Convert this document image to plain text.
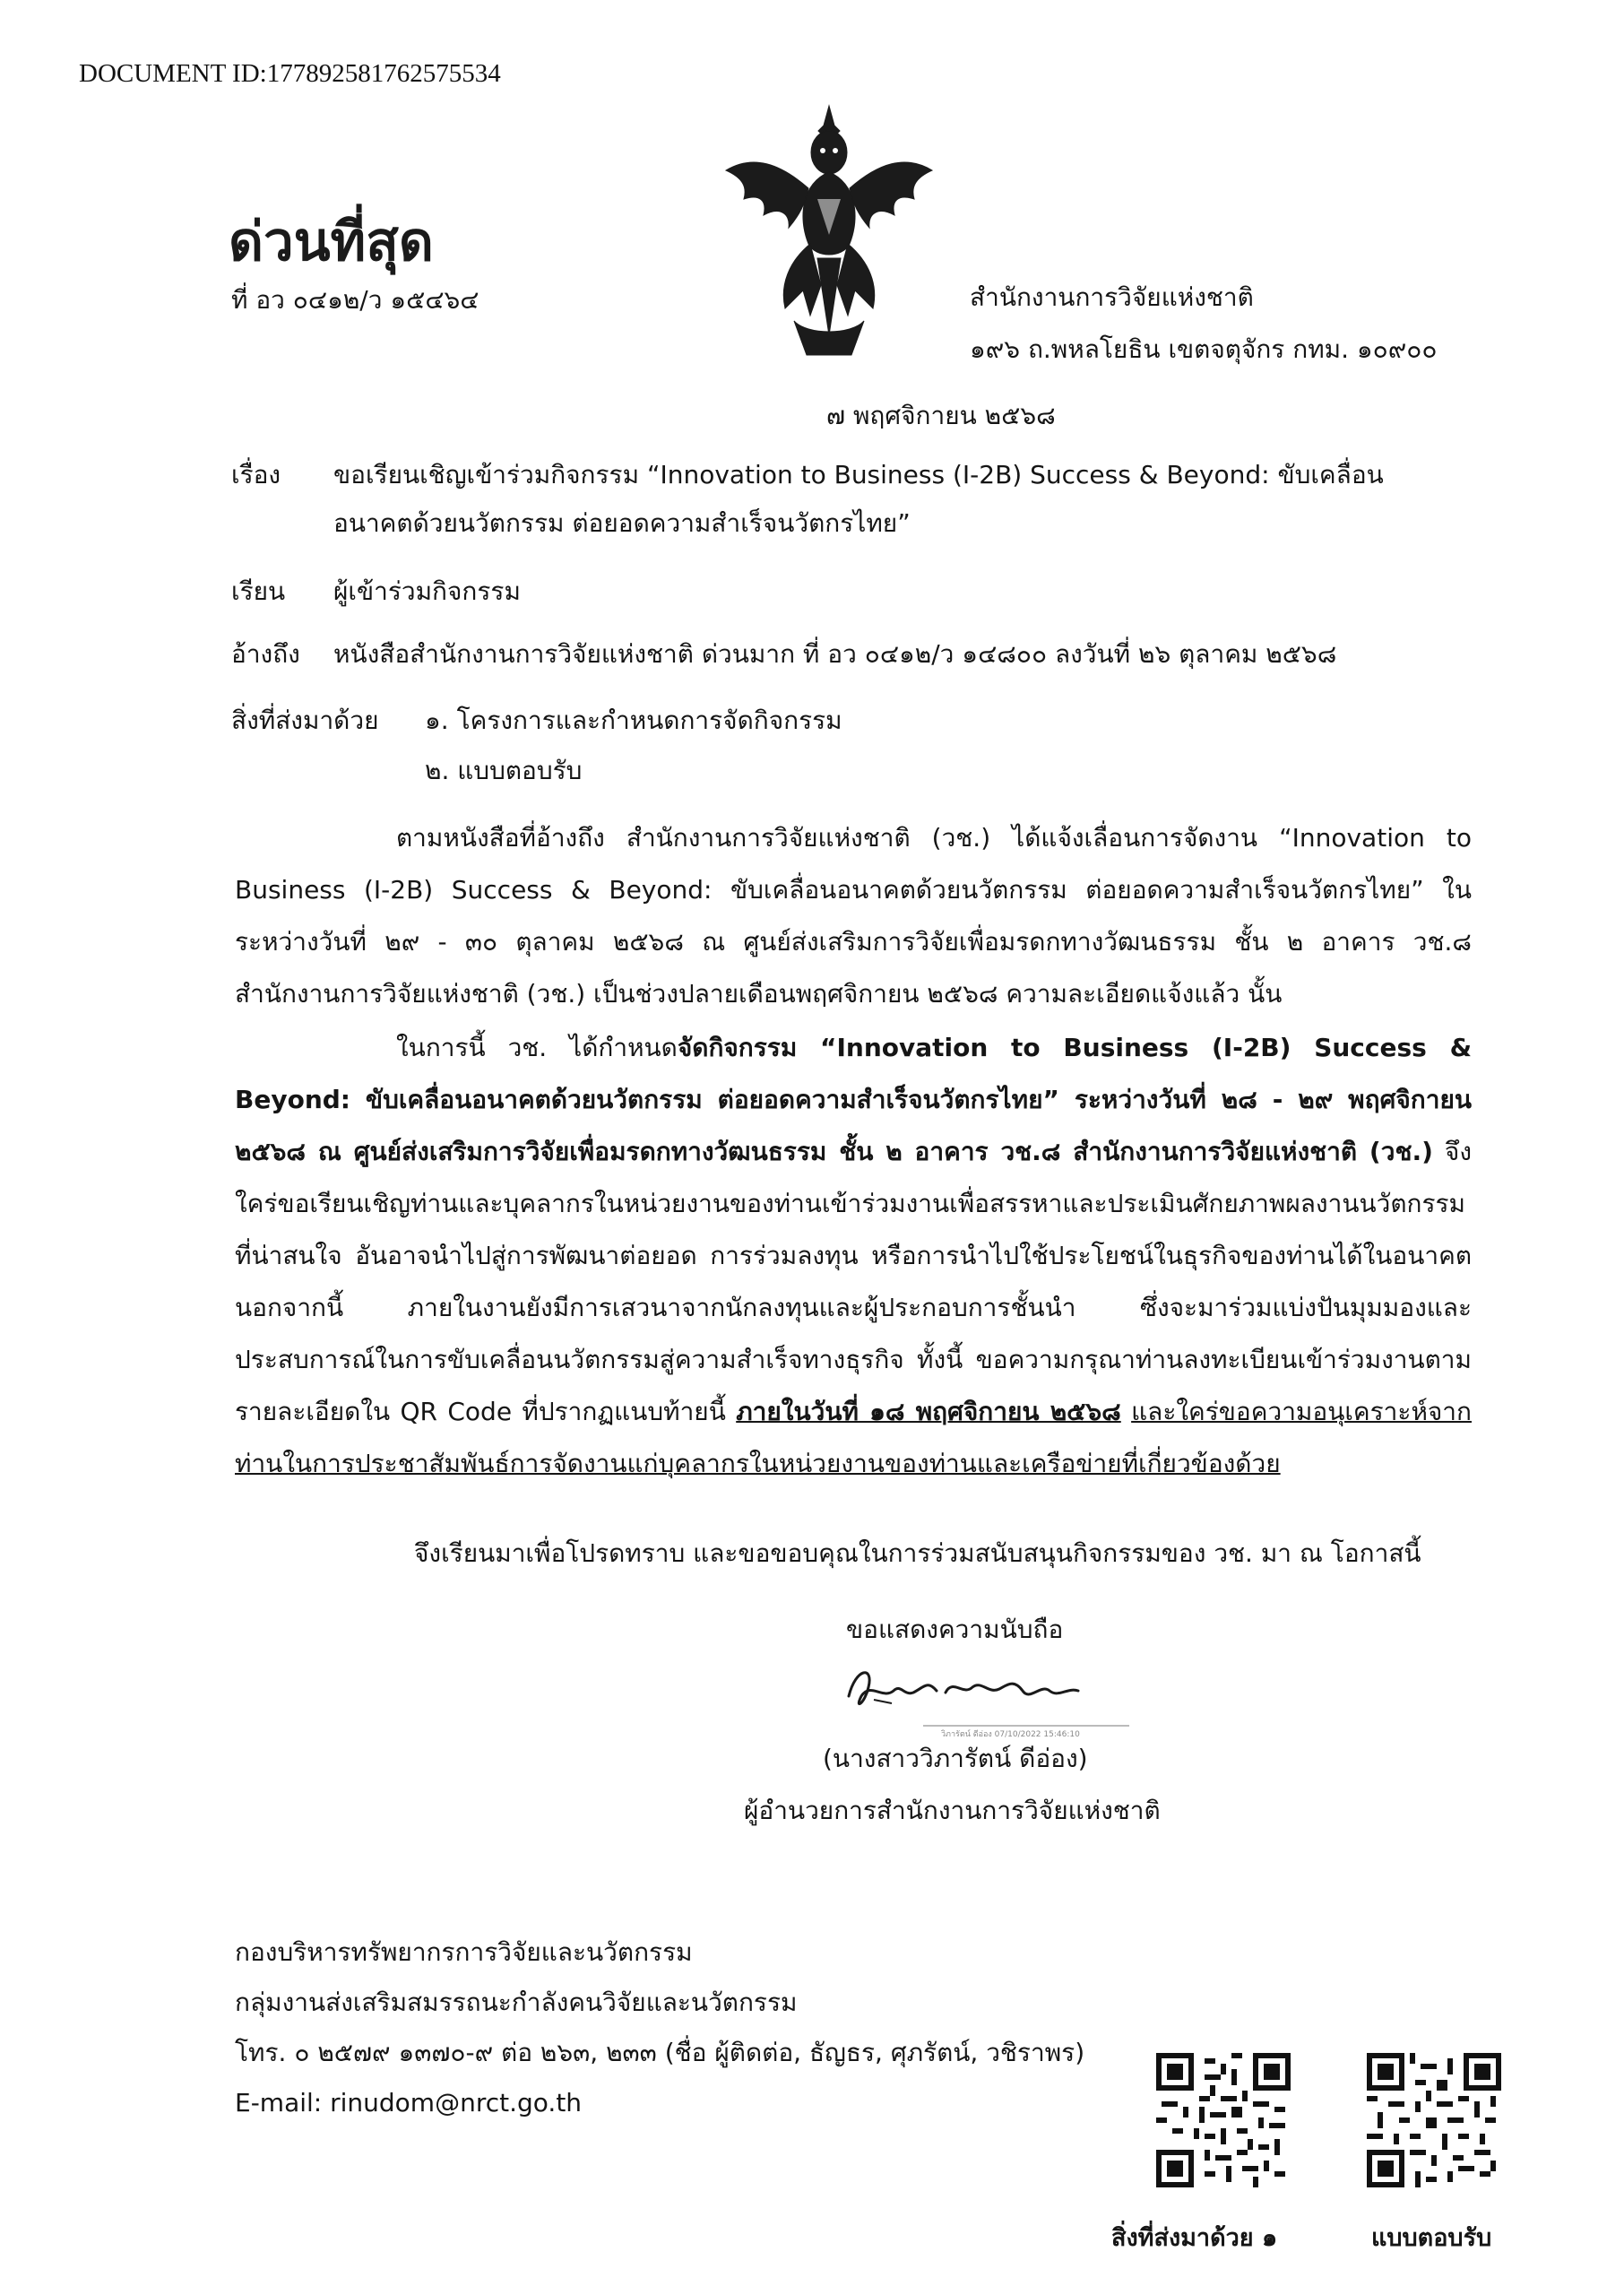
DOCUMENT ID:177892581762575534
ด่วนที่สุด
ที่ อว ๐๔๑๒/ว ๑๕๔๖๔	สำนักงานการวิจัยแห่งชาติ
๑๙๖ ถ.พหลโยธิน เขตจตุจักร กทม. ๑๐๙๐๐
๗ พฤศจิกายน ๒๕๖๘
เรื่อง ขอเรียนเชิญเข้าร่วมกิจกรรม “Innovation to Business (I-2B) Success & Beyond: ขับเคลื่อน
อนาคตด้วยนวัตกรรม ต่อยอดความสำเร็จนวัตกรไทย”
เรียน ผู้เข้าร่วมกิจกรรม
อ้างถึง หนังสือสำนักงานการวิจัยแห่งชาติ ด่วนมาก ที่ อว ๐๔๑๒/ว ๑๔๘๐๐ ลงวันที่ ๒๖ ตุลาคม ๒๕๖๘
สิ่งที่ส่งมาด้วย ๑. โครงการและกำหนดการจัดกิจกรรม
๒. แบบตอบรับ
ตามหนังสือที่อ้างถึง สำนักงานการวิจัยแห่งชาติ (วช.) ได้แจ้งเลื่อนการจัดงาน “Innovation to Business (I-2B) Success & Beyond: ขับเคลื่อนอนาคตด้วยนวัตกรรม ต่อยอดความสำเร็จนวัตกรไทย” ในระหว่างวันที่ ๒๙ - ๓๐ ตุลาคม ๒๕๖๘ ณ ศูนย์ส่งเสริมการวิจัยเพื่อมรดกทางวัฒนธรรม ชั้น ๒ อาคาร วช.๘ สำนักงานการวิจัยแห่งชาติ (วช.) เป็นช่วงปลายเดือนพฤศจิกายน ๒๕๖๘ ความละเอียดแจ้งแล้ว นั้น
ในการนี้ วช. ได้กำหนดจัดกิจกรรม “Innovation to Business (I-2B) Success & Beyond: ขับเคลื่อนอนาคตด้วยนวัตกรรม ต่อยอดความสำเร็จนวัตกรไทย” ระหว่างวันที่ ๒๘ - ๒๙ พฤศจิกายน ๒๕๖๘ ณ ศูนย์ส่งเสริมการวิจัยเพื่อมรดกทางวัฒนธรรม ชั้น ๒ อาคาร วช.๘ สำนักงานการวิจัยแห่งชาติ (วช.) จึงใคร่ขอเรียนเชิญท่านและบุคลากรในหน่วยงานของท่านเข้าร่วมงานเพื่อสรรหาและประเมินศักยภาพผลงานนวัตกรรมที่น่าสนใจ อันอาจนำไปสู่การพัฒนาต่อยอด การร่วมลงทุน หรือการนำไปใช้ประโยชน์ในธุรกิจของท่านได้ในอนาคต นอกจากนี้ ภายในงานยังมีการเสวนาจากนักลงทุนและผู้ประกอบการชั้นนำ ซึ่งจะมาร่วมแบ่งปันมุมมองและประสบการณ์ในการขับเคลื่อนนวัตกรรมสู่ความสำเร็จทางธุรกิจ ทั้งนี้ ขอความกรุณาท่านลงทะเบียนเข้าร่วมงานตามรายละเอียดใน QR Code ที่ปรากฏแนบท้ายนี้ ภายในวันที่ ๑๘ พฤศจิกายน ๒๕๖๘ และใคร่ขอความอนุเคราะห์จากท่านในการประชาสัมพันธ์การจัดงานแก่บุคลากรในหน่วยงานของท่านและเครือข่ายที่เกี่ยวข้องด้วย
จึงเรียนมาเพื่อโปรดทราบ และขอขอบคุณในการร่วมสนับสนุนกิจกรรมของ วช. มา ณ โอกาสนี้
ขอแสดงความนับถือ
วิภารัตน์ ดีอ่อง 07/10/2022 15:46:10
(นางสาววิภารัตน์ ดีอ่อง)
ผู้อำนวยการสำนักงานการวิจัยแห่งชาติ
กองบริหารทรัพยากรการวิจัยและนวัตกรรม
กลุ่มงานส่งเสริมสมรรถนะกำลังคนวิจัยและนวัตกรรม
โทร. ๐ ๒๕๗๙ ๑๓๗๐-๙ ต่อ ๒๖๓, ๒๓๓ (ชื่อ ผู้ติดต่อ, ธัญธร, ศุภรัตน์, วชิราพร)
E-mail: rinudom@nrct.go.th
สิ่งที่ส่งมาด้วย ๑	แบบตอบรับ
